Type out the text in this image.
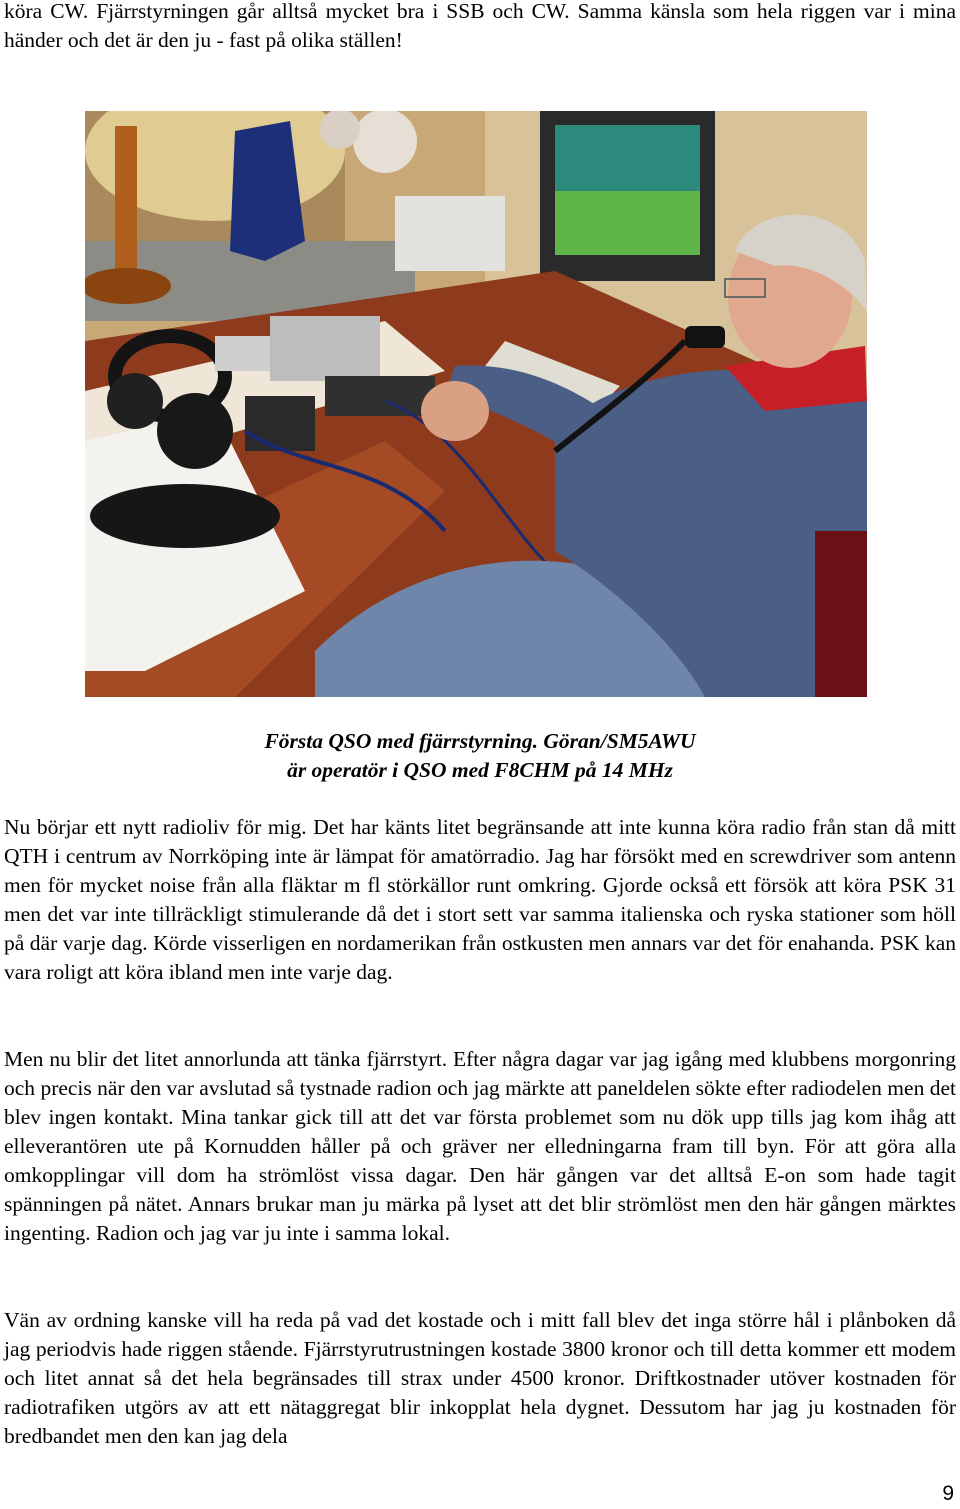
köra CW. Fjärrstyrningen går alltså mycket bra i SSB och CW. Samma känsla som hela riggen var i mina händer och det är den ju - fast på olika ställen!

Första QSO med fjärrstyrning. Göran/SM5AWU

är operatör i QSO med F8CHM på 14 MHz

Nu börjar ett nytt radioliv för mig. Det har känts litet begränsande att inte kunna köra radio från stan då mitt QTH i centrum av Norrköping inte är lämpat för amatörradio. Jag har försökt med en screwdriver som antenn men för mycket noise från alla fläktar m fl störkällor runt omkring. Gjorde också ett försök att köra PSK 31 men det var inte tillräckligt stimulerande då det i stort sett var samma italienska och ryska stationer som höll på där varje dag. Körde visserligen en nordamerikan från ostkusten men annars var det för enahanda. PSK kan vara roligt att köra ibland men inte varje dag.

Men nu blir det litet annorlunda att tänka fjärrstyrt. Efter några dagar var jag igång med klubbens morgonring och precis när den var avslutad så tystnade radion och jag märkte att paneldelen sökte efter radiodelen men det blev ingen kontakt. Mina tankar gick till att det var första problemet som nu dök upp tills jag kom ihåg att elleverantören ute på Kornudden håller på och gräver ner elledningarna fram till byn. För att göra alla omkopplingar vill dom ha strömlöst vissa dagar. Den här gången var det alltså E-on som hade tagit spänningen på nätet. Annars brukar man ju märka på lyset att det blir strömlöst men den här gången märktes ingenting. Radion och jag var ju inte i samma lokal.

Vän av ordning kanske vill ha reda på vad det kostade och i mitt fall blev det inga större hål i plånboken då jag periodvis hade riggen stående. Fjärrstyrutrustningen kostade 3800 kronor och till detta kommer ett modem och litet annat så det hela begränsades till strax under 4500 kronor. Driftkostnader utöver kostnaden för radiotrafiken utgörs av att ett nätaggregat blir inkopplat hela dygnet. Dessutom har jag ju kostnaden för bredbandet men den kan jag dela

9
